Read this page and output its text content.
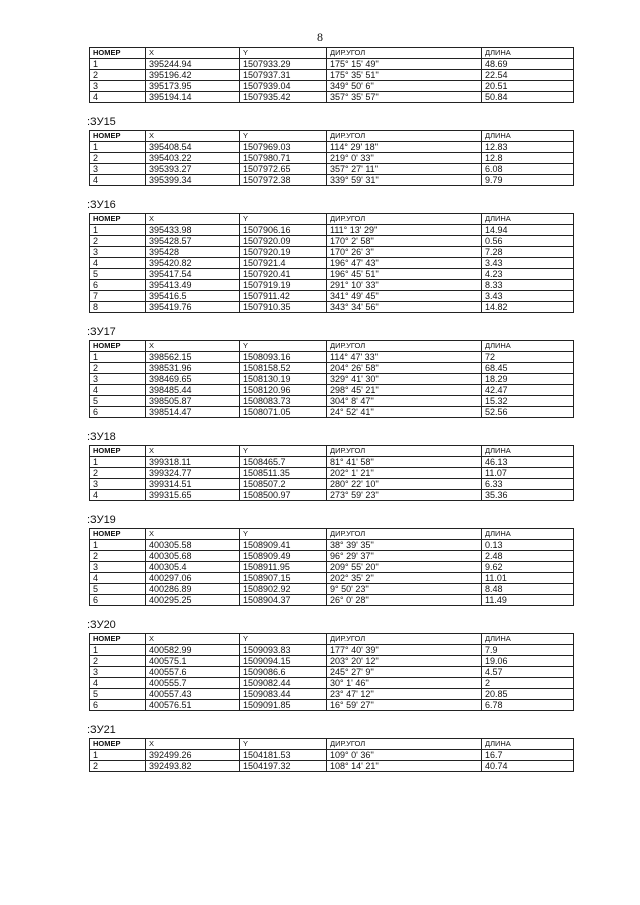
8
НОМЕР	X	Y	ДИР.УГОЛ	ДЛИНА
1	395244.94	1507933.29	175° 15' 49''	48.69
2	395196.42	1507937.31	175° 35' 51''	22.54
3	395173.95	1507939.04	349° 50' 6''	20.51
4	395194.14	1507935.42	357° 35' 57''	50.84
:ЗУ15
НОМЕР	X	Y	ДИР.УГОЛ	ДЛИНА
1	395408.54	1507969.03	114° 29' 18''	12.83
2	395403.22	1507980.71	219° 0' 33''	12.8
3	395393.27	1507972.65	357° 27' 11''	6.08
4	395399.34	1507972.38	339° 59' 31''	9.79
:ЗУ16
НОМЕР	X	Y	ДИР.УГОЛ	ДЛИНА
1	395433.98	1507906.16	111° 13' 29''	14.94
2	395428.57	1507920.09	170° 2' 58''	0.56
3	395428	1507920.19	170° 26' 3''	7.28
4	395420.82	1507921.4	196° 47' 43''	3.43
5	395417.54	1507920.41	196° 45' 51''	4.23
6	395413.49	1507919.19	291° 10' 33''	8.33
7	395416.5	1507911.42	341° 49' 45''	3.43
8	395419.76	1507910.35	343° 34' 56''	14.82
:ЗУ17
НОМЕР	X	Y	ДИР.УГОЛ	ДЛИНА
1	398562.15	1508093.16	114° 47' 33''	72
2	398531.96	1508158.52	204° 26' 58''	68.45
3	398469.65	1508130.19	329° 41' 30''	18.29
4	398485.44	1508120.96	298° 45' 21''	42.47
5	398505.87	1508083.73	304° 8' 47''	15.32
6	398514.47	1508071.05	24° 52' 41''	52.56
:ЗУ18
НОМЕР	X	Y	ДИР.УГОЛ	ДЛИНА
1	399318.11	1508465.7	81° 41' 58''	46.13
2	399324.77	1508511.35	202° 1' 21''	11.07
3	399314.51	1508507.2	280° 22' 10''	6.33
4	399315.65	1508500.97	273° 59' 23''	35.36
:ЗУ19
НОМЕР	X	Y	ДИР.УГОЛ	ДЛИНА
1	400305.58	1508909.41	38° 39' 35''	0.13
2	400305.68	1508909.49	96° 29' 37''	2.48
3	400305.4	1508911.95	209° 55' 20''	9.62
4	400297.06	1508907.15	202° 35' 2''	11.01
5	400286.89	1508902.92	9° 50' 23''	8.48
6	400295.25	1508904.37	26° 0' 28''	11.49
:ЗУ20
НОМЕР	X	Y	ДИР.УГОЛ	ДЛИНА
1	400582.99	1509093.83	177° 40' 39''	7.9
2	400575.1	1509094.15	203° 20' 12''	19.06
3	400557.6	1509086.6	245° 27' 9''	4.57
4	400555.7	1509082.44	30° 1' 46''	2
5	400557.43	1509083.44	23° 47' 12''	20.85
6	400576.51	1509091.85	16° 59' 27''	6.78
:ЗУ21
НОМЕР	X	Y	ДИР.УГОЛ	ДЛИНА
1	392499.26	1504181.53	109° 0' 36''	16.7
2	392493.82	1504197.32	108° 14' 21''	40.74
